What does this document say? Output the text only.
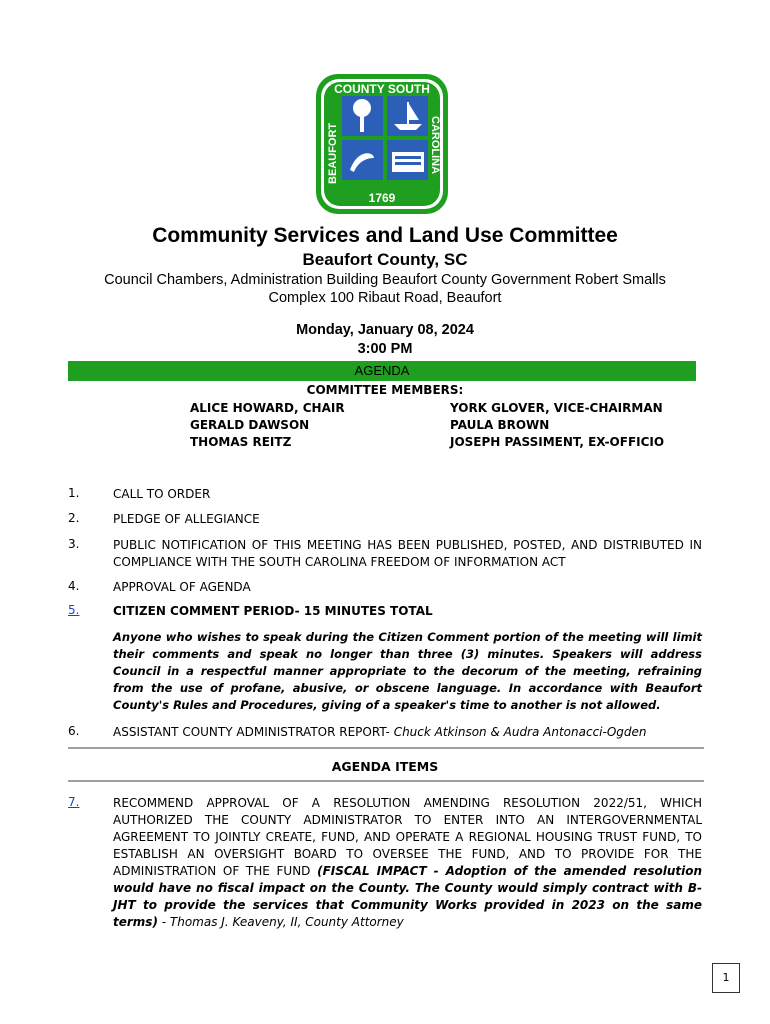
COUNTY SOUTH
BEAUFORT	CAROLINA
1769
Community Services and Land Use Committee
Beaufort County, SC
Council Chambers, Administration Building Beaufort County Government Robert Smalls
Complex 100 Ribaut Road, Beaufort
Monday, January 08, 2024
3:00 PM
AGENDA
COMMITTEE MEMBERS:
ALICE HOWARD, CHAIR
GERALD DAWSON
THOMAS REITZ
YORK GLOVER, VICE-CHAIRMAN
PAULA BROWN
JOSEPH PASSIMENT, EX-OFFICIO
1.	CALL TO ORDER
2.	PLEDGE OF ALLEGIANCE
3.	PUBLIC NOTIFICATION OF THIS MEETING HAS BEEN PUBLISHED, POSTED, AND DISTRIBUTED IN COMPLIANCE WITH THE SOUTH CAROLINA FREEDOM OF INFORMATION ACT
4.	APPROVAL OF AGENDA
5.	CITIZEN COMMENT PERIOD- 15 MINUTES TOTAL
Anyone who wishes to speak during the Citizen Comment portion of the meeting will limit their comments and speak no longer than three (3) minutes. Speakers will address Council in a respectful manner appropriate to the decorum of the meeting, refraining from the use of profane, abusive, or obscene language. In accordance with Beaufort County's Rules and Procedures, giving of a speaker's time to another is not allowed.
6.	ASSISTANT COUNTY ADMINISTRATOR REPORT- Chuck Atkinson & Audra Antonacci-Ogden
AGENDA ITEMS
7.	RECOMMEND APPROVAL OF A RESOLUTION AMENDING RESOLUTION 2022/51, WHICH AUTHORIZED THE COUNTY ADMINISTRATOR TO ENTER INTO AN INTERGOVERNMENTAL AGREEMENT TO JOINTLY CREATE, FUND, AND OPERATE A REGIONAL HOUSING TRUST FUND, TO ESTABLISH AN OVERSIGHT BOARD TO OVERSEE THE FUND, AND TO PROVIDE FOR THE ADMINISTRATION OF THE FUND (FISCAL IMPACT - Adoption of the amended resolution would have no fiscal impact on the County. The County would simply contract with B-JHT to provide the services that Community Works provided in 2023 on the same terms) - Thomas J. Keaveny, II, County Attorney
1
